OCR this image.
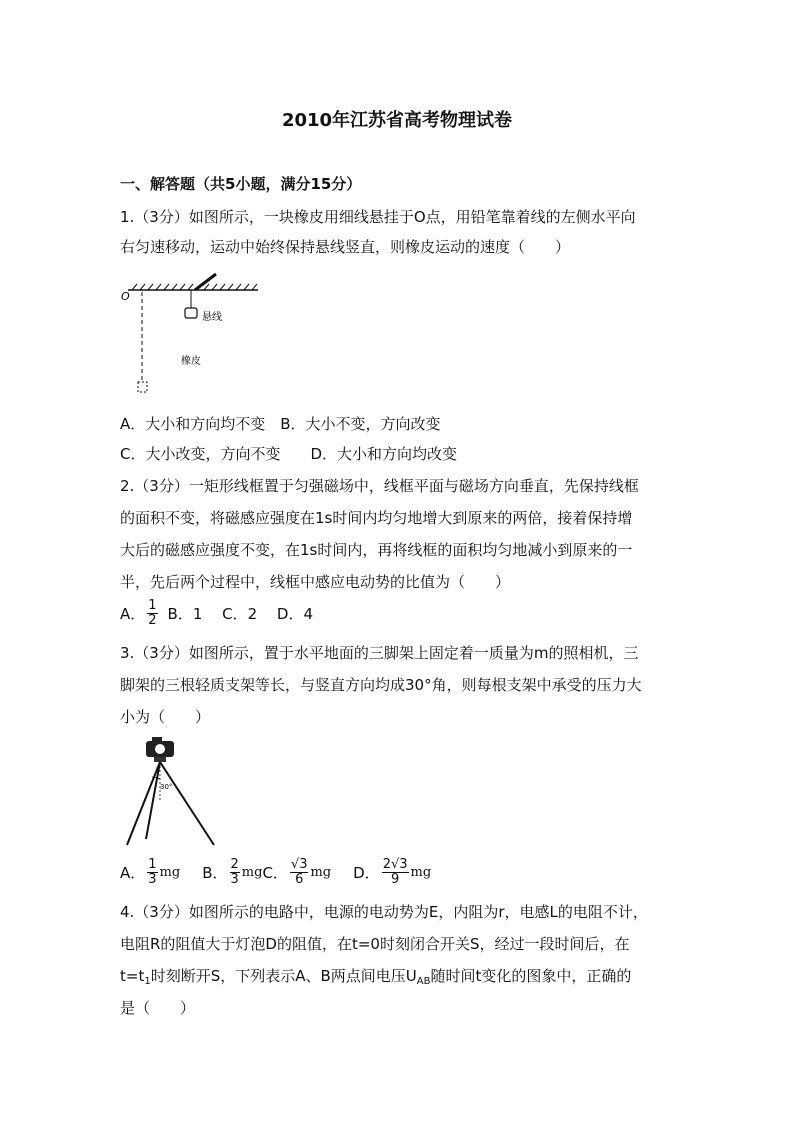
2010年江苏省高考物理试卷
一、解答题（共5小题，满分15分）
1.（3分）如图所示，一块橡皮用细线悬挂于O点，用铅笔靠着线的左侧水平向
右匀速移动，运动中始终保持悬线竖直，则橡皮运动的速度（　　）
O
悬线
橡皮
A．大小和方向均不变　B．大小不变，方向改变
C．大小改变，方向不变　　D．大小和方向均改变
2.（3分）一矩形线框置于匀强磁场中，线框平面与磁场方向垂直，先保持线框
的面积不变，将磁感应强度在1s时间内均匀地增大到原来的两倍，接着保持增
大后的磁感应强度不变，在1s时间内，再将线框的面积均匀地减小到原来的一
半，先后两个过程中，线框中感应电动势的比值为（　　）
A． $\frac{1}{2}$ B．1　 C．2　 D．4
3.（3分）如图所示，置于水平地面的三脚架上固定着一质量为m的照相机，三
脚架的三根轻质支架等长，与竖直方向均成30°角，则每根支架中承受的压力大
小为（　　）
30°
A． $\frac{1}{3}$ mg B． $\frac{2}{3}$ mg C． $\frac{√3}{6}$ mg D． $\frac{2√3}{9}$ mg
4.（3分）如图所示的电路中，电源的电动势为E，内阻为r，电感L的电阻不计，
电阻R的阻值大于灯泡D的阻值，在t=0时刻闭合开关S，经过一段时间后，在
$t=t_1$时刻断开S，下列表示A、B两点间电压$U_{AB}$随时间t变化的图象中，正确的
是（　　）
